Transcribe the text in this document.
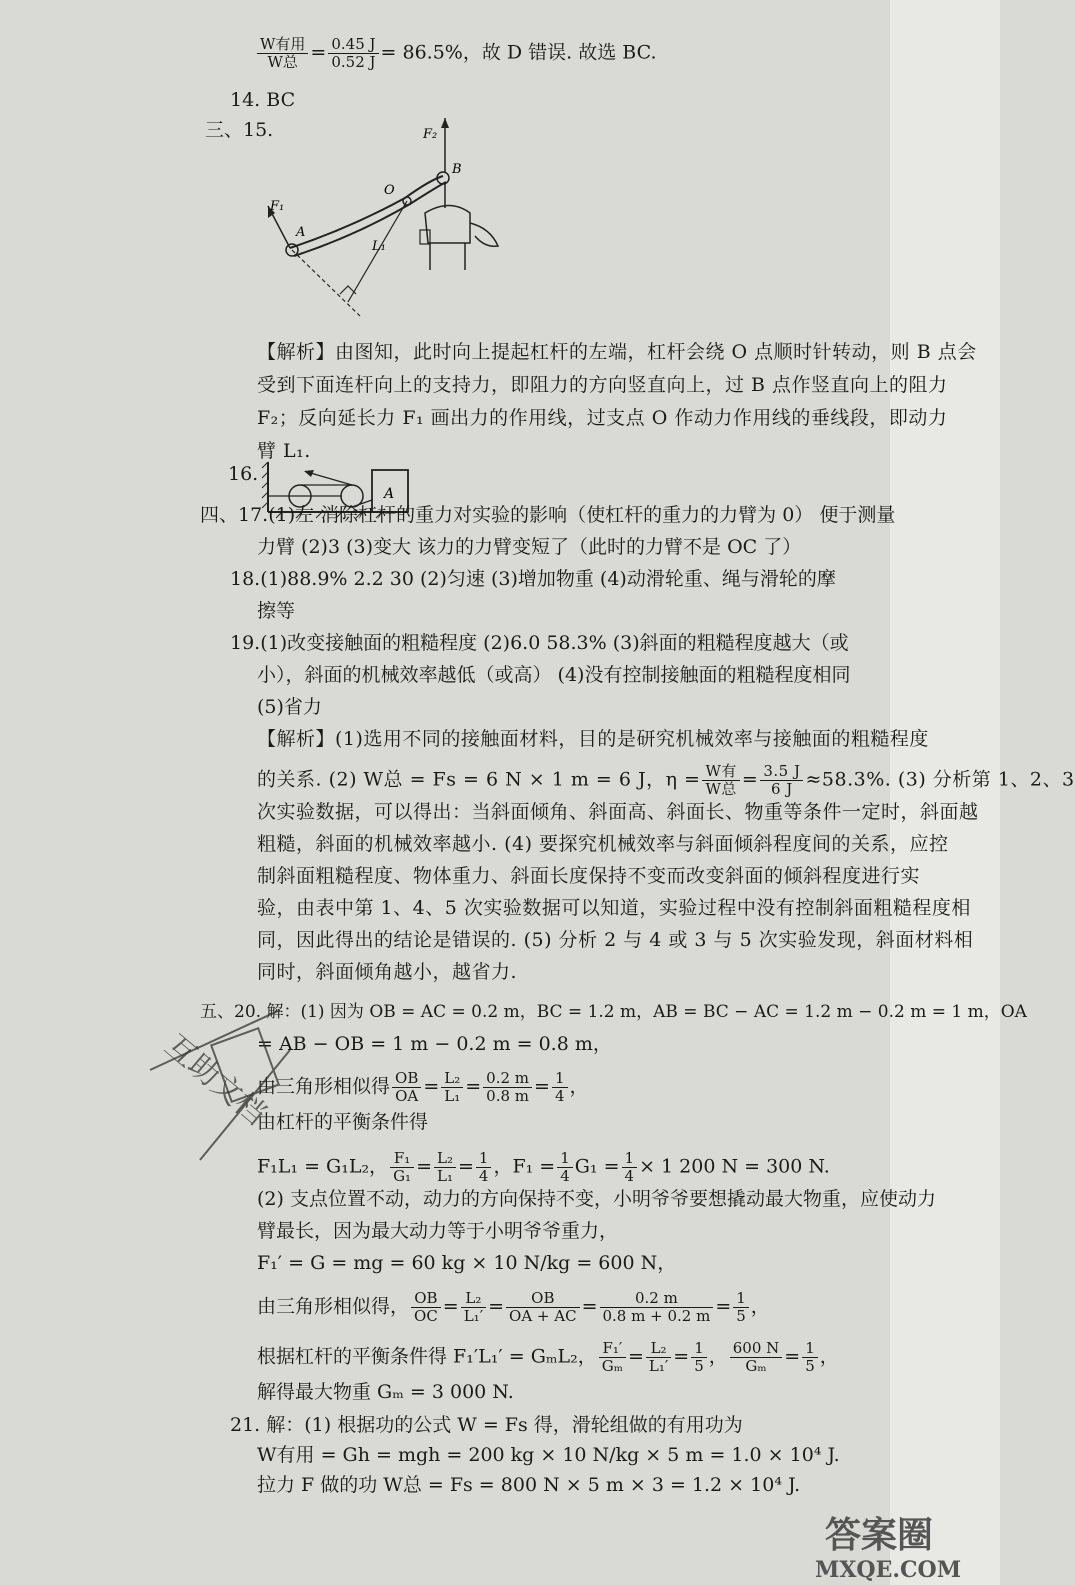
$\frac{\text{W有用}}{\text{W总}} = \frac{0.45 J}{0.52 J} = 86.5\%$，故 D 错误. 故选 BC.
14. BC
三、15.	F₂
B
O
F₁
A
L₁
【解析】由图知，此时向上提起杠杆的左端，杠杆会绕 O 点顺时针转动，则 B 点会
受到下面连杆向上的支持力，即阻力的方向竖直向上，过 B 点作竖直向上的阻力
F₂；反向延长力 F₁ 画出力的作用线，过支点 O 作动力作用线的垂线段，即动力
臂 L₁.
16.
A
四、17.(1)左 消除杠杆的重力对实验的影响（使杠杆的重力的力臂为 0） 便于测量
力臂 (2)3 (3)变大 该力的力臂变短了（此时的力臂不是 OC 了）
18.(1)88.9% 2.2 30 (2)匀速 (3)增加物重 (4)动滑轮重、绳与滑轮的摩
擦等
19.(1)改变接触面的粗糙程度 (2)6.0 58.3% (3)斜面的粗糙程度越大（或
小），斜面的机械效率越低（或高） (4)没有控制接触面的粗糙程度相同
(5)省力
【解析】(1)选用不同的接触面材料，目的是研究机械效率与接触面的粗糙程度
的关系. (2) W总 = Fs = 6 N × 1 m = 6 J，$\eta = \frac{\text{W有}}{\text{W总}} = \frac{3.5 J}{6 J} \approx 58.3\%$. (3) 分析第 1、2、3
次实验数据，可以得出：当斜面倾角、斜面高、斜面长、物重等条件一定时，斜面越
粗糙，斜面的机械效率越小. (4) 要探究机械效率与斜面倾斜程度间的关系，应控
制斜面粗糙程度、物体重力、斜面长度保持不变而改变斜面的倾斜程度进行实
验，由表中第 1、4、5 次实验数据可以知道，实验过程中没有控制斜面粗糙程度相
同，因此得出的结论是错误的. (5) 分析 2 与 4 或 3 与 5 次实验发现，斜面材料相
同时，斜面倾角越小，越省力.
五、20. 解：(1) 因为 OB = AC = 0.2 m，BC = 1.2 m，AB = BC − AC = 1.2 m − 0.2 m = 1 m，OA
= AB − OB = 1 m − 0.2 m = 0.8 m，
由三角形相似得 $\frac{OB}{OA} = \frac{\text{L₂}}{\text{L₁}} = \frac{0.2 m}{0.8 m} = \frac{1}{4}$ ，
由杠杆的平衡条件得
F₁L₁ = G₁L₂， $\frac{\text{F₁}}{\text{G₁}} = \frac{\text{L₂}}{\text{L₁}} = \frac{1}{4}$ ，$F_1 = \frac{1}{4} G_1 = \frac{1}{4} \times 1$ 200 N = 300 N.
(2) 支点位置不动，动力的方向保持不变，小明爷爷要想撬动最大物重，应使动力
臂最长，因为最大动力等于小明爷爷重力，
F₁′ = G = mg = 60 kg × 10 N/kg = 600 N，
由三角形相似得， $\frac{OB}{OC} = \frac{\text{L₂}}{\text{L₁′}} = \frac{OB}{OA + AC} = \frac{0.2 m}{0.8 m + 0.2 m} = \frac{1}{5}$ ，
根据杠杆的平衡条件得 F₁′L₁′ = GₘL₂， $\frac{\text{F₁′}}{\text{Gₘ}} = \frac{\text{L₂}}{\text{L₁′}} = \frac{1}{5}$ ， $\frac{600 N}{\text{Gₘ}} = \frac{1}{5}$ ，
解得最大物重 Gₘ = 3 000 N.
21. 解：(1) 根据功的公式 W = Fs 得，滑轮组做的有用功为
W有用 = Gh = mgh = 200 kg × 10 N/kg × 5 m = 1.0 × 10⁴ J.
拉力 F 做的功 W总 = Fs = 800 N × 5 m × 3 = 1.2 × 10⁴ J.
互助文档
答案圈
MXQE.COM
